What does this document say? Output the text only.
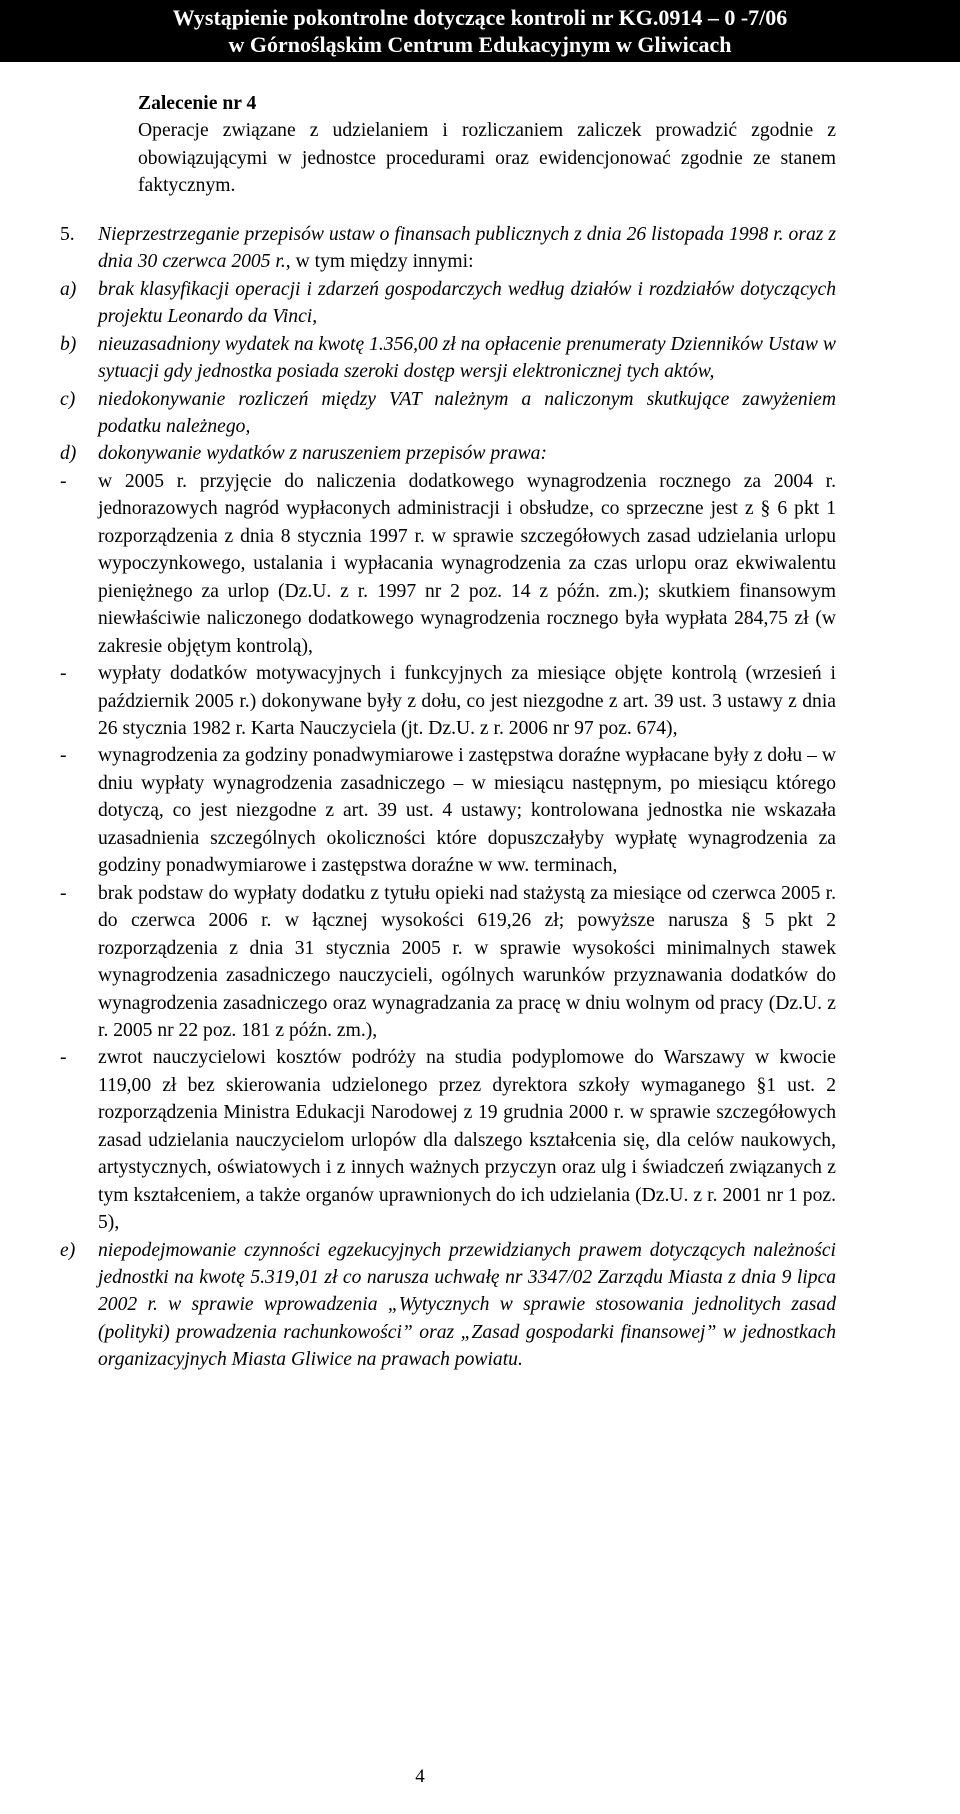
Wystąpienie pokontrolne dotyczące kontroli nr KG.0914 – 0 -7/06
w Górnośląskim Centrum Edukacyjnym w Gliwicach
Zalecenie nr 4
Operacje związane z udzielaniem i rozliczaniem zaliczek prowadzić zgodnie z obowiązującymi w jednostce procedurami oraz ewidencjonować zgodnie ze stanem faktycznym.
5. Nieprzestrzeganie przepisów ustaw o finansach publicznych z dnia 26 listopada 1998 r. oraz z dnia 30 czerwca 2005 r., w tym między innymi:
a)	brak klasyfikacji operacji i zdarzeń gospodarczych według działów i rozdziałów dotyczących projektu Leonardo da Vinci,
b)	nieuzasadniony wydatek na kwotę 1.356,00 zł na opłacenie prenumeraty Dzienników Ustaw w sytuacji gdy jednostka posiada szeroki dostęp wersji elektronicznej tych aktów,
c)	niedokonywanie rozliczeń między VAT należnym a naliczonym skutkujące zawyżeniem podatku należnego,
d)	dokonywanie wydatków z naruszeniem przepisów prawa:
- w 2005 r. przyjęcie do naliczenia dodatkowego wynagrodzenia rocznego za 2004 r. jednorazowych nagród wypłaconych administracji i obsłudze, co sprzeczne jest z § 6 pkt 1 rozporządzenia z dnia 8 stycznia 1997 r. w sprawie szczegółowych zasad udzielania urlopu wypoczynkowego, ustalania i wypłacania wynagrodzenia za czas urlopu oraz ekwiwalentu pieniężnego za urlop (Dz.U. z r. 1997 nr 2 poz. 14 z późn. zm.); skutkiem finansowym niewłaściwie naliczonego dodatkowego wynagrodzenia rocznego była wypłata 284,75 zł (w zakresie objętym kontrolą),
- wypłaty dodatków motywacyjnych i funkcyjnych za miesiące objęte kontrolą (wrzesień i październik 2005 r.) dokonywane były z dołu, co jest niezgodne z art. 39 ust. 3 ustawy z dnia 26 stycznia 1982 r. Karta Nauczyciela (jt. Dz.U. z r. 2006 nr 97 poz. 674),
- wynagrodzenia za godziny ponadwymiarowe i zastępstwa doraźne wypłacane były z dołu – w dniu wypłaty wynagrodzenia zasadniczego – w miesiącu następnym, po miesiącu którego dotyczą, co jest niezgodne z art. 39 ust. 4 ustawy; kontrolowana jednostka nie wskazała uzasadnienia szczególnych okoliczności które dopuszczałyby wypłatę wynagrodzenia za godziny ponadwymiarowe i zastępstwa doraźne w ww. terminach,
- brak podstaw do wypłaty dodatku z tytułu opieki nad stażystą za miesiące od czerwca 2005 r. do czerwca 2006 r. w łącznej wysokości 619,26 zł; powyższe narusza § 5 pkt 2 rozporządzenia z dnia 31 stycznia 2005 r. w sprawie wysokości minimalnych stawek wynagrodzenia zasadniczego nauczycieli, ogólnych warunków przyznawania dodatków do wynagrodzenia zasadniczego oraz wynagradzania za pracę w dniu wolnym od pracy (Dz.U. z r. 2005 nr 22 poz. 181 z późn. zm.),
- zwrot nauczycielowi kosztów podróży na studia podyplomowe do Warszawy w kwocie 119,00 zł bez skierowania udzielonego przez dyrektora szkoły wymaganego §1 ust. 2 rozporządzenia Ministra Edukacji Narodowej z 19 grudnia 2000 r. w sprawie szczegółowych zasad udzielania nauczycielom urlopów dla dalszego kształcenia się, dla celów naukowych, artystycznych, oświatowych i z innych ważnych przyczyn oraz ulg i świadczeń związanych z tym kształceniem, a także organów uprawnionych do ich udzielania (Dz.U. z r. 2001 nr 1 poz. 5),
e) niepodejmowanie czynności egzekucyjnych przewidzianych prawem dotyczących należności jednostki na kwotę 5.319,01 zł co narusza uchwałę nr 3347/02 Zarządu Miasta z dnia 9 lipca 2002 r. w sprawie wprowadzenia „Wytycznych w sprawie stosowania jednolitych zasad (polityki) prowadzenia rachunkowości” oraz „Zasad gospodarki finansowej” w jednostkach organizacyjnych Miasta Gliwice na prawach powiatu.
4
